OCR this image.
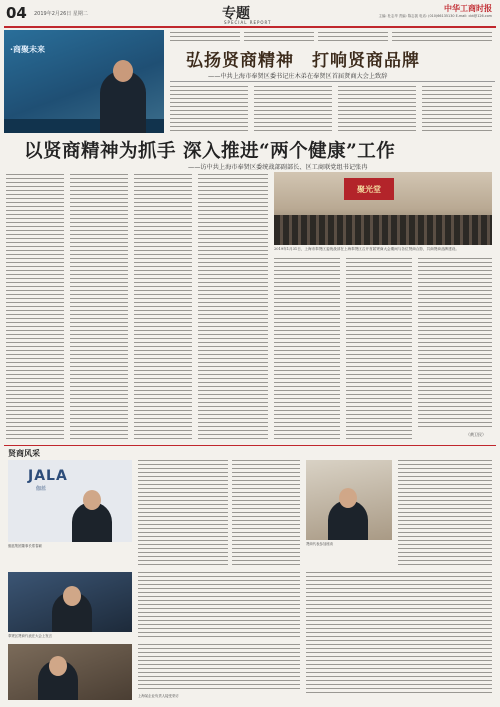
04 2019年2月26日 星期二	专题
SPECIAL REPORT
中华工商时报
主编: 杜志华 责编: 陈志凯 电话: (010)66135130 E-mail: cbt@126.com
·商聚未来
弘扬贤商精神　打响贤商品牌
——中共上海市奉贤区委书记庄木弟在奉贤区首届贤商大会上致辞
以贤商精神为抓手 深入推进“两个健康”工作
——访中共上海市奉贤区委统战部副部长、区工商联党组书记张冉
（黄卫民）
聚光堂
2019年1月31日，上海市奉贤区委统战部在上海奉贤区召开首届贤商大会期间与各位贤商合影，共商贤商品牌建设。
贤商风采
JALA
伽蓝
伽蓝集团董事长郑春颖
奉贤区贤商代表在大会上发言
上海某企业负责人接受采访
贤商代表参加座谈
